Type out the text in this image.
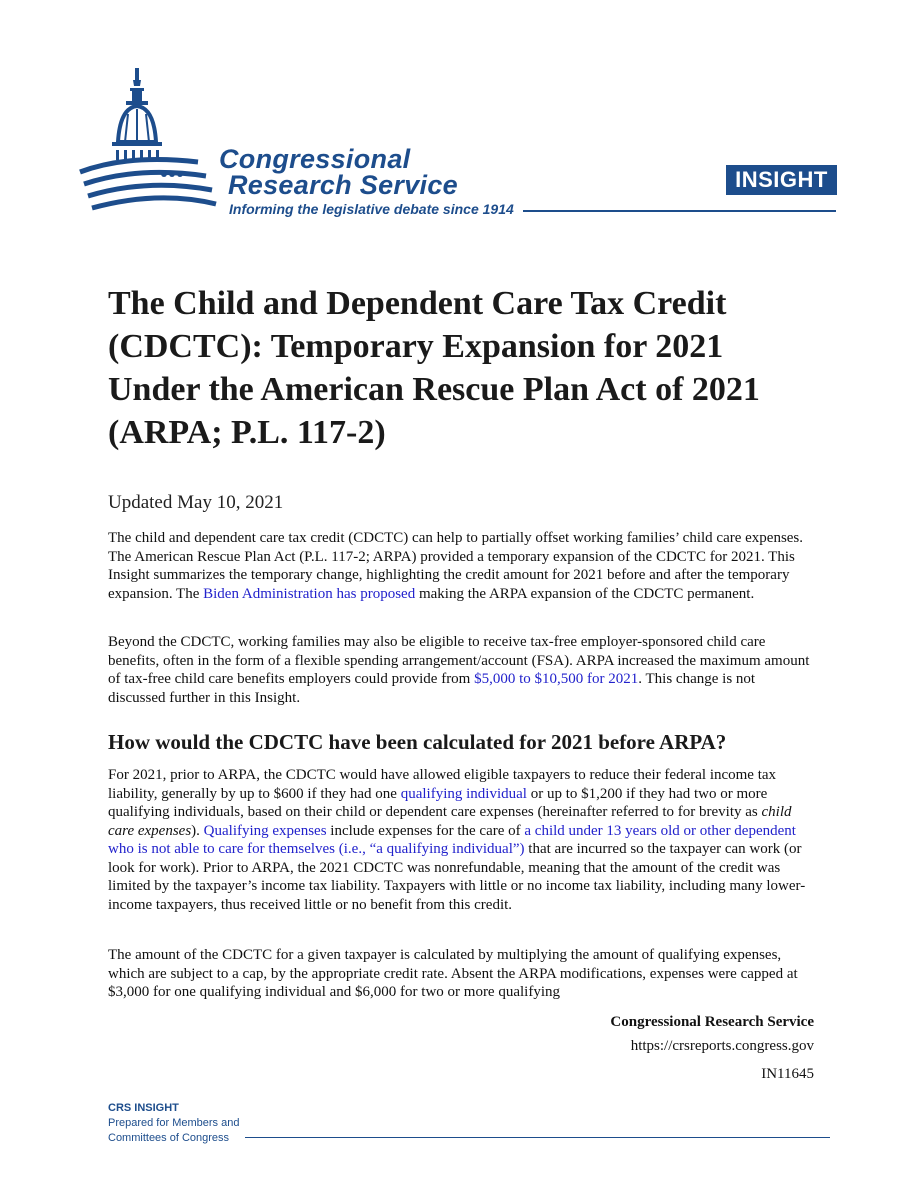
Congressional
Research Service
Informing the legislative debate since 1914
INSIGHT
The Child and Dependent Care Tax Credit (CDCTC): Temporary Expansion for 2021 Under the American Rescue Plan Act of 2021 (ARPA; P.L. 117-2)
Updated May 10, 2021

The child and dependent care tax credit (CDCTC) can help to partially offset working families’ child care expenses. The American Rescue Plan Act (P.L. 117-2; ARPA) provided a temporary expansion of the CDCTC for 2021. This Insight summarizes the temporary change, highlighting the credit amount for 2021 before and after the temporary expansion. The Biden Administration has proposed making the ARPA expansion of the CDCTC permanent.

Beyond the CDCTC, working families may also be eligible to receive tax-free employer-sponsored child care benefits, often in the form of a flexible spending arrangement/account (FSA). ARPA increased the maximum amount of tax-free child care benefits employers could provide from $5,000 to $10,500 for 2021. This change is not discussed further in this Insight.

How would the CDCTC have been calculated for 2021 before ARPA?

For 2021, prior to ARPA, the CDCTC would have allowed eligible taxpayers to reduce their federal income tax liability, generally by up to $600 if they had one qualifying individual or up to $1,200 if they had two or more qualifying individuals, based on their child or dependent care expenses (hereinafter referred to for brevity as child care expenses). Qualifying expenses include expenses for the care of a child under 13 years old or other dependent who is not able to care for themselves (i.e., “a qualifying individual”) that are incurred so the taxpayer can work (or look for work). Prior to ARPA, the 2021 CDCTC was nonrefundable, meaning that the amount of the credit was limited by the taxpayer’s income tax liability. Taxpayers with little or no income tax liability, including many lower-income taxpayers, thus received little or no benefit from this credit.

The amount of the CDCTC for a given taxpayer is calculated by multiplying the amount of qualifying expenses, which are subject to a cap, by the appropriate credit rate. Absent the ARPA modifications, expenses were capped at $3,000 for one qualifying individual and $6,000 for two or more qualifying

Congressional Research Service
https://crsreports.congress.gov
IN11645
CRS INSIGHT
Prepared for Members and
Committees of Congress
